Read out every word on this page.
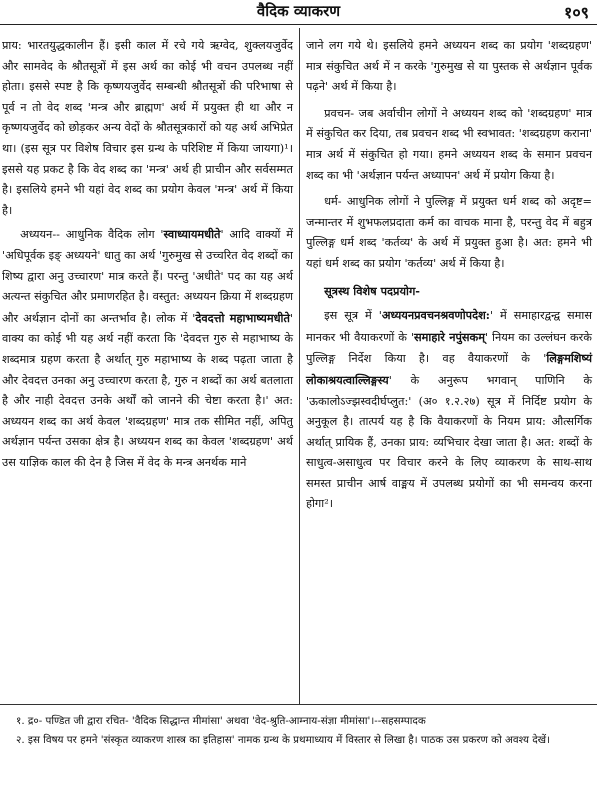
वैदिक व्याकरण	१०९

प्राय: भारतयुद्धकालीन हैं। इसी काल में रचे गये ऋग्वेद, शुक्लयजुर्वेद और सामवेद के श्रौतसूत्रों में इस अर्थ का कोई भी वचन उपलब्ध नहीं होता। इससे स्पष्ट है कि कृष्णयजुर्वेद सम्बन्धी श्रौतसूत्रों की परिभाषा से पूर्व न तो वेद शब्द 'मन्त्र और ब्राह्मण' अर्थ में प्रयुक्त ही था और न कृष्णयजुर्वेद को छोड़कर अन्य वेदों के श्रौतसूत्रकारों को यह अर्थ अभिप्रेत था। (इस सूत्र पर विशेष विचार इस ग्रन्थ के परिशिष्ट में किया जायगा)¹। इससे यह प्रकट है कि वेद शब्द का 'मन्त्र' अर्थ ही प्राचीन और सर्वसम्मत है। इसलिये हमने भी यहां वेद शब्द का प्रयोग केवल 'मन्त्र' अर्थ में किया है।

अध्ययन-- आधुनिक वैदिक लोग 'स्वाध्यायमधीते' आदि वाक्यों में 'अधिपूर्वक इङ् अध्ययने' धातु का अर्थ 'गुरुमुख से उच्चरित वेद शब्दों का शिष्य द्वारा अनु उच्चारण' मात्र करते हैं। परन्तु 'अधीते' पद का यह अर्थ अत्यन्त संकुचित और प्रमाणरहित है। वस्तुत: अध्ययन क्रिया में शब्दग्रहण और अर्थज्ञान दोनों का अन्तर्भाव है। लोक में 'देवदत्तो महाभाष्यमधीते' वाक्य का कोई भी यह अर्थ नहीं करता कि 'देवदत्त गुरु से महाभाष्य के शब्दमात्र ग्रहण करता है अर्थात् गुरु महाभाष्य के शब्द पढ़ता जाता है और देवदत्त उनका अनु उच्चारण करता है, गुरु न शब्दों का अर्थ बतलाता है और नाही देवदत्त उनके अर्थों को जानने की चेष्टा करता है।' अत: अध्ययन शब्द का अर्थ केवल 'शब्दग्रहण' मात्र तक सीमित नहीं, अपितु अर्थज्ञान पर्यन्त उसका क्षेत्र है। अध्ययन शब्द का केवल 'शब्दग्रहण' अर्थ उस याज्ञिक काल की देन है जिस में वेद के मन्त्र अनर्थक माने

जाने लग गये थे। इसलिये हमने अध्ययन शब्द का प्रयोग 'शब्दग्रहण' मात्र संकुचित अर्थ में न करके 'गुरुमुख से या पुस्तक से अर्थज्ञान पूर्वक पढ़ने' अर्थ में किया है।

प्रवचन- जब अर्वाचीन लोगों ने अध्ययन शब्द को 'शब्दग्रहण' मात्र में संकुचित कर दिया, तब प्रवचन शब्द भी स्वभावत: 'शब्दग्रहण कराना' मात्र अर्थ में संकुचित हो गया। हमने अध्ययन शब्द के समान प्रवचन शब्द का भी 'अर्थज्ञान पर्यन्त अध्यापन' अर्थ में प्रयोग किया है।

धर्म- आधुनिक लोगों ने पुल्लिङ्ग में प्रयुक्त धर्म शब्द को अदृष्ट= जन्मान्तर में शुभफलप्रदाता कर्म का वाचक माना है, परन्तु वेद में बहुत्र पुल्लिङ्ग धर्म शब्द 'कर्तव्य' के अर्थ में प्रयुक्त हुआ है। अत: हमने भी यहां धर्म शब्द का प्रयोग 'कर्तव्य' अर्थ में किया है।

सूत्रस्थ विशेष पदप्रयोग-

इस सूत्र में 'अध्ययनप्रवचनश्रवणोपदेश:' में समाहारद्वन्द्व समास मानकर भी वैयाकरणों के 'समाहारे नपुंसकम्' नियम का उल्लंघन करके पुल्लिङ्ग निर्देश किया है। वह वैयाकरणों के 'लिङ्गमशिष्यं लोकाश्रयत्वाल्लिङ्गस्य' के अनुरूप भगवान् पाणिनि के 'ऊकालोऽज्झस्वदीर्घप्लुत:' (अ० १.२.२७) सूत्र में निर्दिष्ट प्रयोग के अनुकूल है। तात्पर्य यह है कि वैयाकरणों के नियम प्राय: औत्सर्गिक अर्थात् प्रायिक हैं, उनका प्राय: व्यभिचार देखा जाता है। अत: शब्दों के साधुत्व-असाधुत्व पर विचार करने के लिए व्याकरण के साथ-साथ समस्त प्राचीन आर्ष वाङ्मय में उपलब्ध प्रयोगों का भी समन्वय करना होगा²।

१. द्र०- पण्डित जी द्वारा रचित- 'वैदिक सिद्धान्त मीमांसा' अथवा 'वेद-श्रुति-आम्नाय-संज्ञा मीमांसा'।--सहसम्पादक

२. इस विषय पर हमने 'संस्कृत व्याकरण शास्त्र का इतिहास' नामक ग्रन्थ के प्रथमाध्याय में विस्तार से लिखा है। पाठक उस प्रकरण को अवश्य देखें।
